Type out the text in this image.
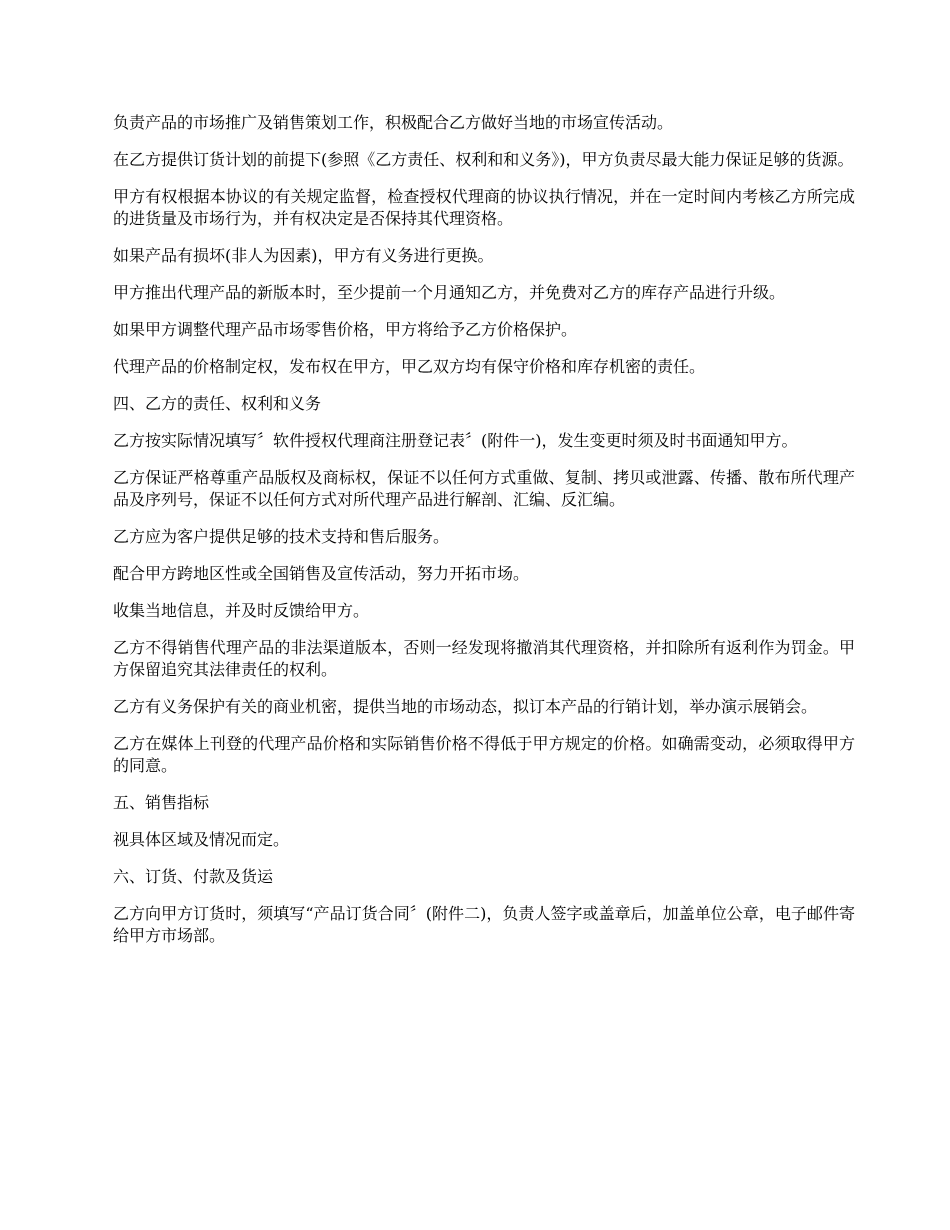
负责产品的市场推广及销售策划工作，积极配合乙方做好当地的市场宣传活动。

在乙方提供订货计划的前提下(参照《乙方责任、权利和和义务》)，甲方负责尽最大能力保证足够的货源。

甲方有权根据本协议的有关规定监督，检查授权代理商的协议执行情况，并在一定时间内考核乙方所完成的进货量及市场行为，并有权决定是否保持其代理资格。

如果产品有损坏(非人为因素)，甲方有义务进行更换。

甲方推出代理产品的新版本时，至少提前一个月通知乙方，并免费对乙方的库存产品进行升级。

如果甲方调整代理产品市场零售价格，甲方将给予乙方价格保护。

代理产品的价格制定权，发布权在甲方，甲乙双方均有保守价格和库存机密的责任。

四、乙方的责任、权利和义务

乙方按实际情况填写〞软件授权代理商注册登记表〞(附件一)，发生变更时须及时书面通知甲方。

乙方保证严格尊重产品版权及商标权，保证不以任何方式重做、复制、拷贝或泄露、传播、散布所代理产品及序列号，保证不以任何方式对所代理产品进行解剖、汇编、反汇编。

乙方应为客户提供足够的技术支持和售后服务。

配合甲方跨地区性或全国销售及宣传活动，努力开拓市场。

收集当地信息，并及时反馈给甲方。

乙方不得销售代理产品的非法渠道版本，否则一经发现将撤消其代理资格，并扣除所有返利作为罚金。甲方保留追究其法律责任的权利。

乙方有义务保护有关的商业机密，提供当地的市场动态，拟订本产品的行销计划，举办演示展销会。

乙方在媒体上刊登的代理产品价格和实际销售价格不得低于甲方规定的价格。如确需变动，必须取得甲方的同意。

五、销售指标

视具体区域及情况而定。

六、订货、付款及货运

乙方向甲方订货时，须填写“产品订货合同〞(附件二)，负责人签字或盖章后，加盖单位公章，电子邮件寄给甲方市场部。
